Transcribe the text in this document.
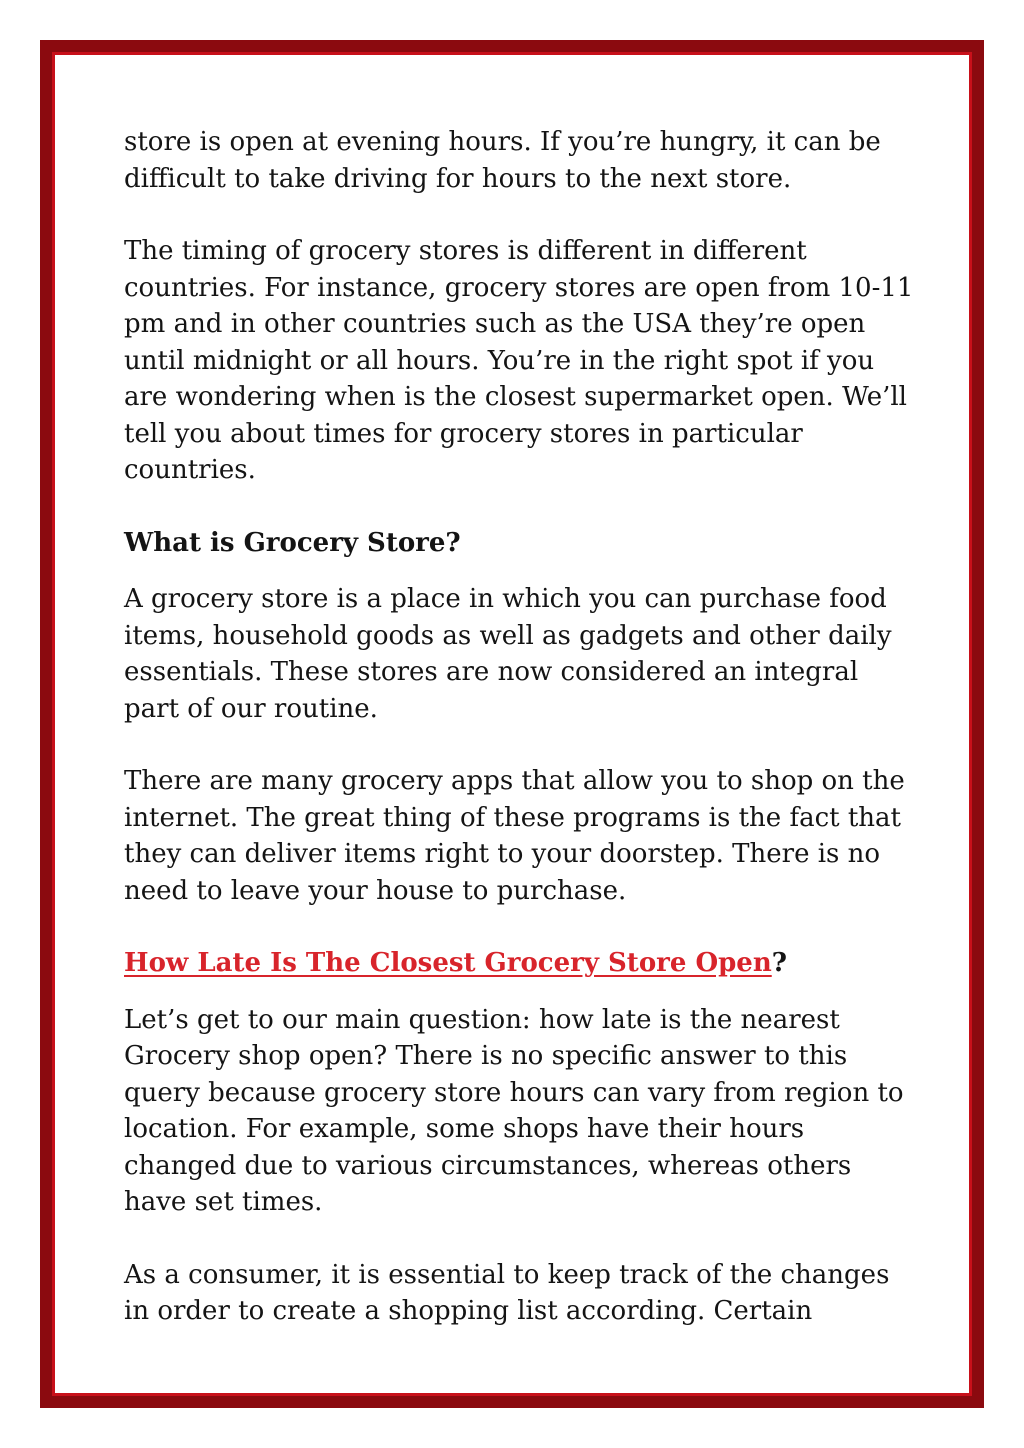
store is open at evening hours. If you’re hungry, it can be difficult to take driving for hours to the next store.

The timing of grocery stores is different in different countries. For instance, grocery stores are open from 10-11 pm and in other countries such as the USA they’re open until midnight or all hours. You’re in the right spot if you are wondering when is the closest supermarket open. We’ll tell you about times for grocery stores in particular countries.

What is Grocery Store?

A grocery store is a place in which you can purchase food items, household goods as well as gadgets and other daily essentials. These stores are now considered an integral part of our routine.

There are many grocery apps that allow you to shop on the internet. The great thing of these programs is the fact that they can deliver items right to your doorstep. There is no need to leave your house to purchase.

How Late Is The Closest Grocery Store Open?

Let’s get to our main question: how late is the nearest Grocery shop open? There is no specific answer to this query because grocery store hours can vary from region to location. For example, some shops have their hours changed due to various circumstances, whereas others have set times.

As a consumer, it is essential to keep track of the changes in order to create a shopping list according. Certain
